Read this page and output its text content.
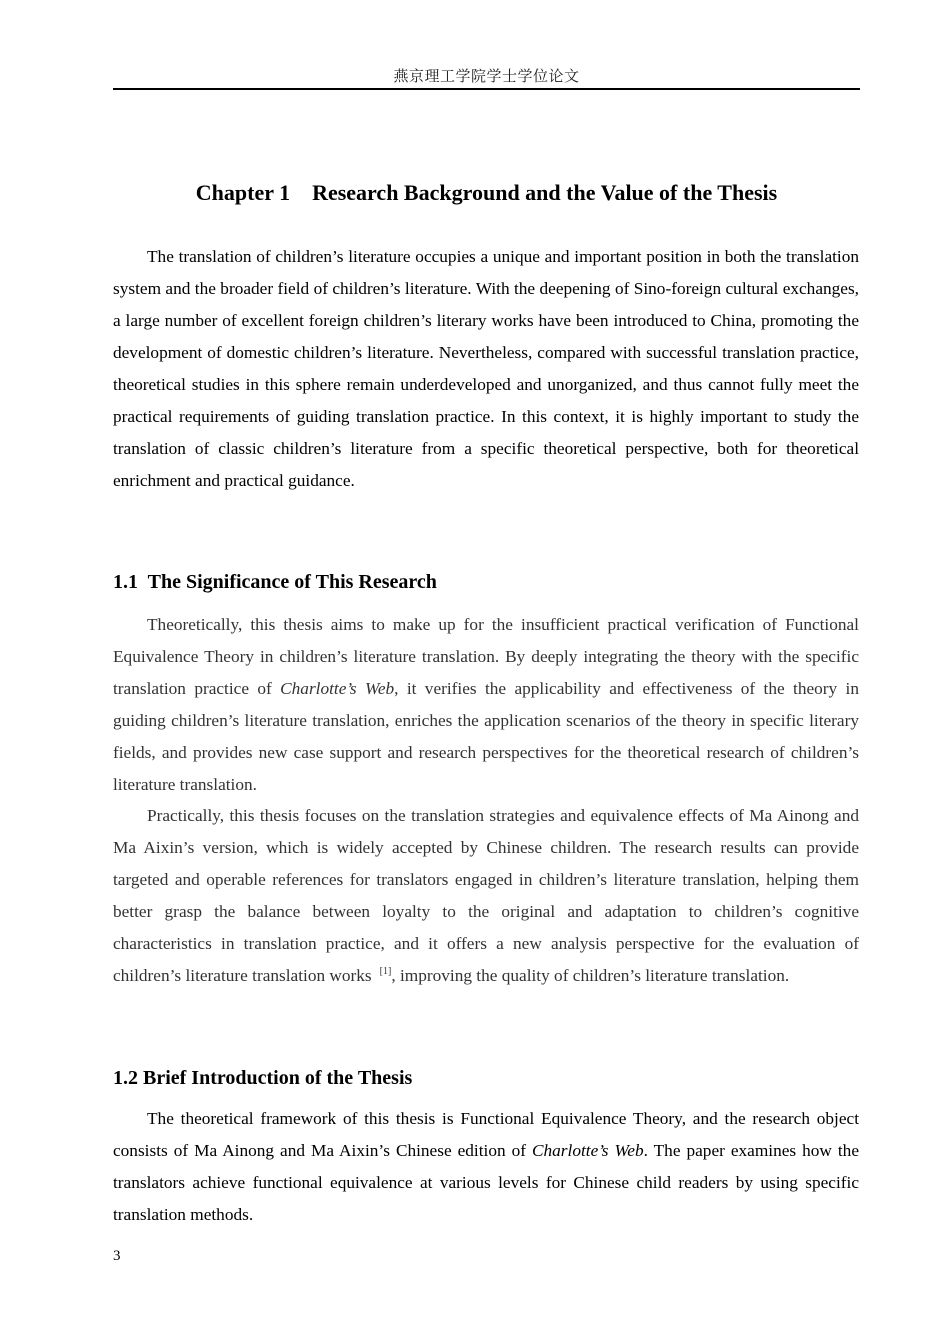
燕京理工学院学士学位论文
Chapter 1    Research Background and the Value of the Thesis

The translation of children’s literature occupies a unique and important position in both the translation system and the broader field of children’s literature. With the deepening of Sino-foreign cultural exchanges, a large number of excellent foreign children’s literary works have been introduced to China, promoting the development of domestic children’s literature. Nevertheless, compared with successful translation practice, theoretical studies in this sphere remain underdeveloped and unorganized, and thus cannot fully meet the practical requirements of guiding translation practice. In this context, it is highly important to study the translation of classic children’s literature from a specific theoretical perspective, both for theoretical enrichment and practical guidance.

1.1  The Significance of This Research

Theoretically, this thesis aims to make up for the insufficient practical verification of Functional Equivalence Theory in children’s literature translation. By deeply integrating the theory with the specific translation practice of Charlotte’s Web, it verifies the applicability and effectiveness of the theory in guiding children’s literature translation, enriches the application scenarios of the theory in specific literary fields, and provides new case support and research perspectives for the theoretical research of children’s literature translation.

Practically, this thesis focuses on the translation strategies and equivalence effects of Ma Ainong and Ma Aixin’s version, which is widely accepted by Chinese children. The research results can provide targeted and operable references for translators engaged in children’s literature translation, helping them better grasp the balance between loyalty to the original and adaptation to children’s cognitive characteristics in translation practice, and it offers a new analysis perspective for the evaluation of children’s literature translation works [1], improving the quality of children’s literature translation.

1.2 Brief Introduction of the Thesis

The theoretical framework of this thesis is Functional Equivalence Theory, and the research object consists of Ma Ainong and Ma Aixin’s Chinese edition of Charlotte’s Web. The paper examines how the translators achieve functional equivalence at various levels for Chinese child readers by using specific translation methods.

3
